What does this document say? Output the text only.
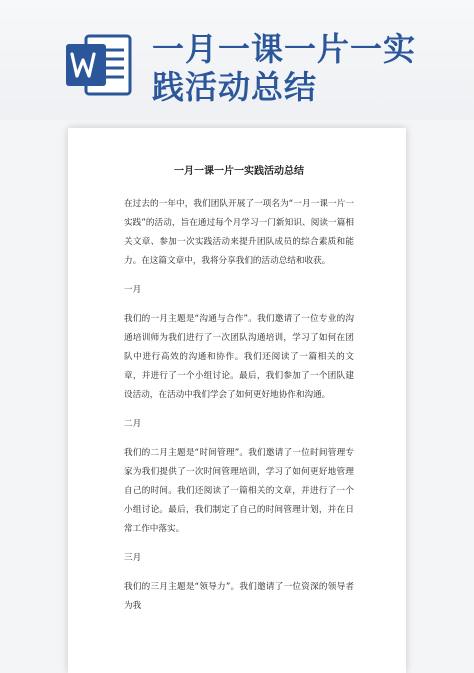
一月一课一片一实
践活动总结
一月一课一片一实践活动总结

在过去的一年中，我们团队开展了一项名为“一月一课一片一实践”的活动，旨在通过每个月学习一门新知识、阅读一篇相关文章、参加一次实践活动来提升团队成员的综合素质和能力。在这篇文章中，我将分享我们的活动总结和收获。

一月

我们的一月主题是“沟通与合作”。我们邀请了一位专业的沟通培训师为我们进行了一次团队沟通培训，学习了如何在团队中进行高效的沟通和协作。我们还阅读了一篇相关的文章，并进行了一个小组讨论。最后，我们参加了一个团队建设活动，在活动中我们学会了如何更好地协作和沟通。

二月

我们的二月主题是“时间管理”。我们邀请了一位时间管理专家为我们提供了一次时间管理培训，学习了如何更好地管理自己的时间。我们还阅读了一篇相关的文章，并进行了一个小组讨论。最后，我们制定了自己的时间管理计划，并在日常工作中落实。

三月

我们的三月主题是“领导力”。我们邀请了一位资深的领导者为我
